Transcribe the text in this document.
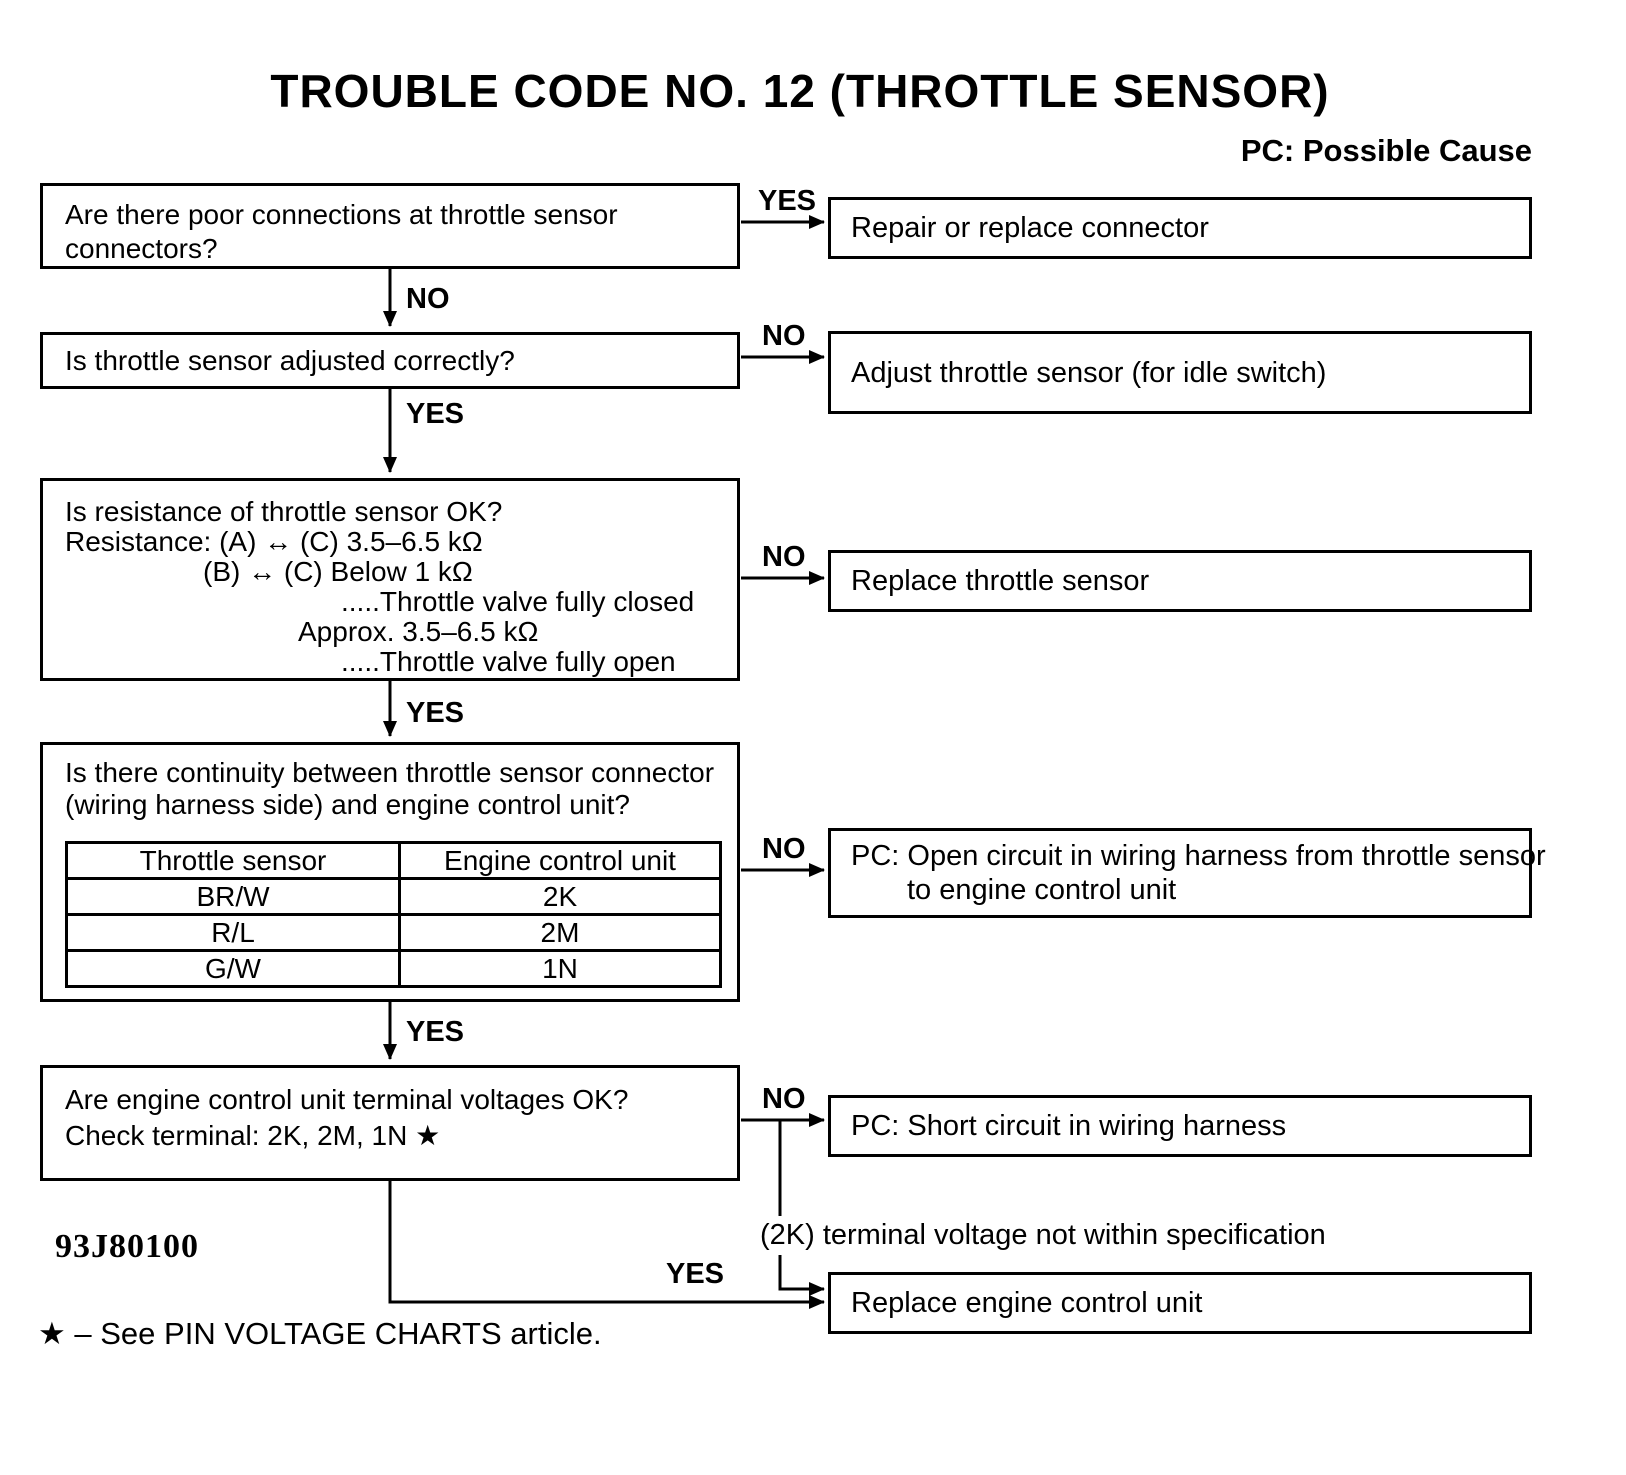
TROUBLE CODE NO. 12 (THROTTLE SENSOR)
PC: Possible Cause
Are there poor connections at throttle sensor
connectors?
Is throttle sensor adjusted correctly?
Is resistance of throttle sensor OK?
Resistance: (A) ↔ (C) 3.5–6.5 kΩ
(B) ↔ (C) Below 1 kΩ
.....Throttle valve fully closed
Approx. 3.5–6.5 kΩ
.....Throttle valve fully open
Is there continuity between throttle sensor connector
(wiring harness side) and engine control unit?
Throttle sensor	Engine control unit
BR/W	2K
R/L	2M
G/W	1N
Are engine control unit terminal voltages OK?
Check terminal: 2K, 2M, 1N ★
Repair or replace connector
Adjust throttle sensor (for idle switch)
Replace throttle sensor
PC: Open circuit in wiring harness from throttle sensor
to engine control unit
PC: Short circuit in wiring harness
Replace engine control unit
YES
NO
NO
YES
NO
YES
NO
YES
NO
YES
(2K) terminal voltage not within specification
93J80100
★ – See PIN VOLTAGE CHARTS article.
